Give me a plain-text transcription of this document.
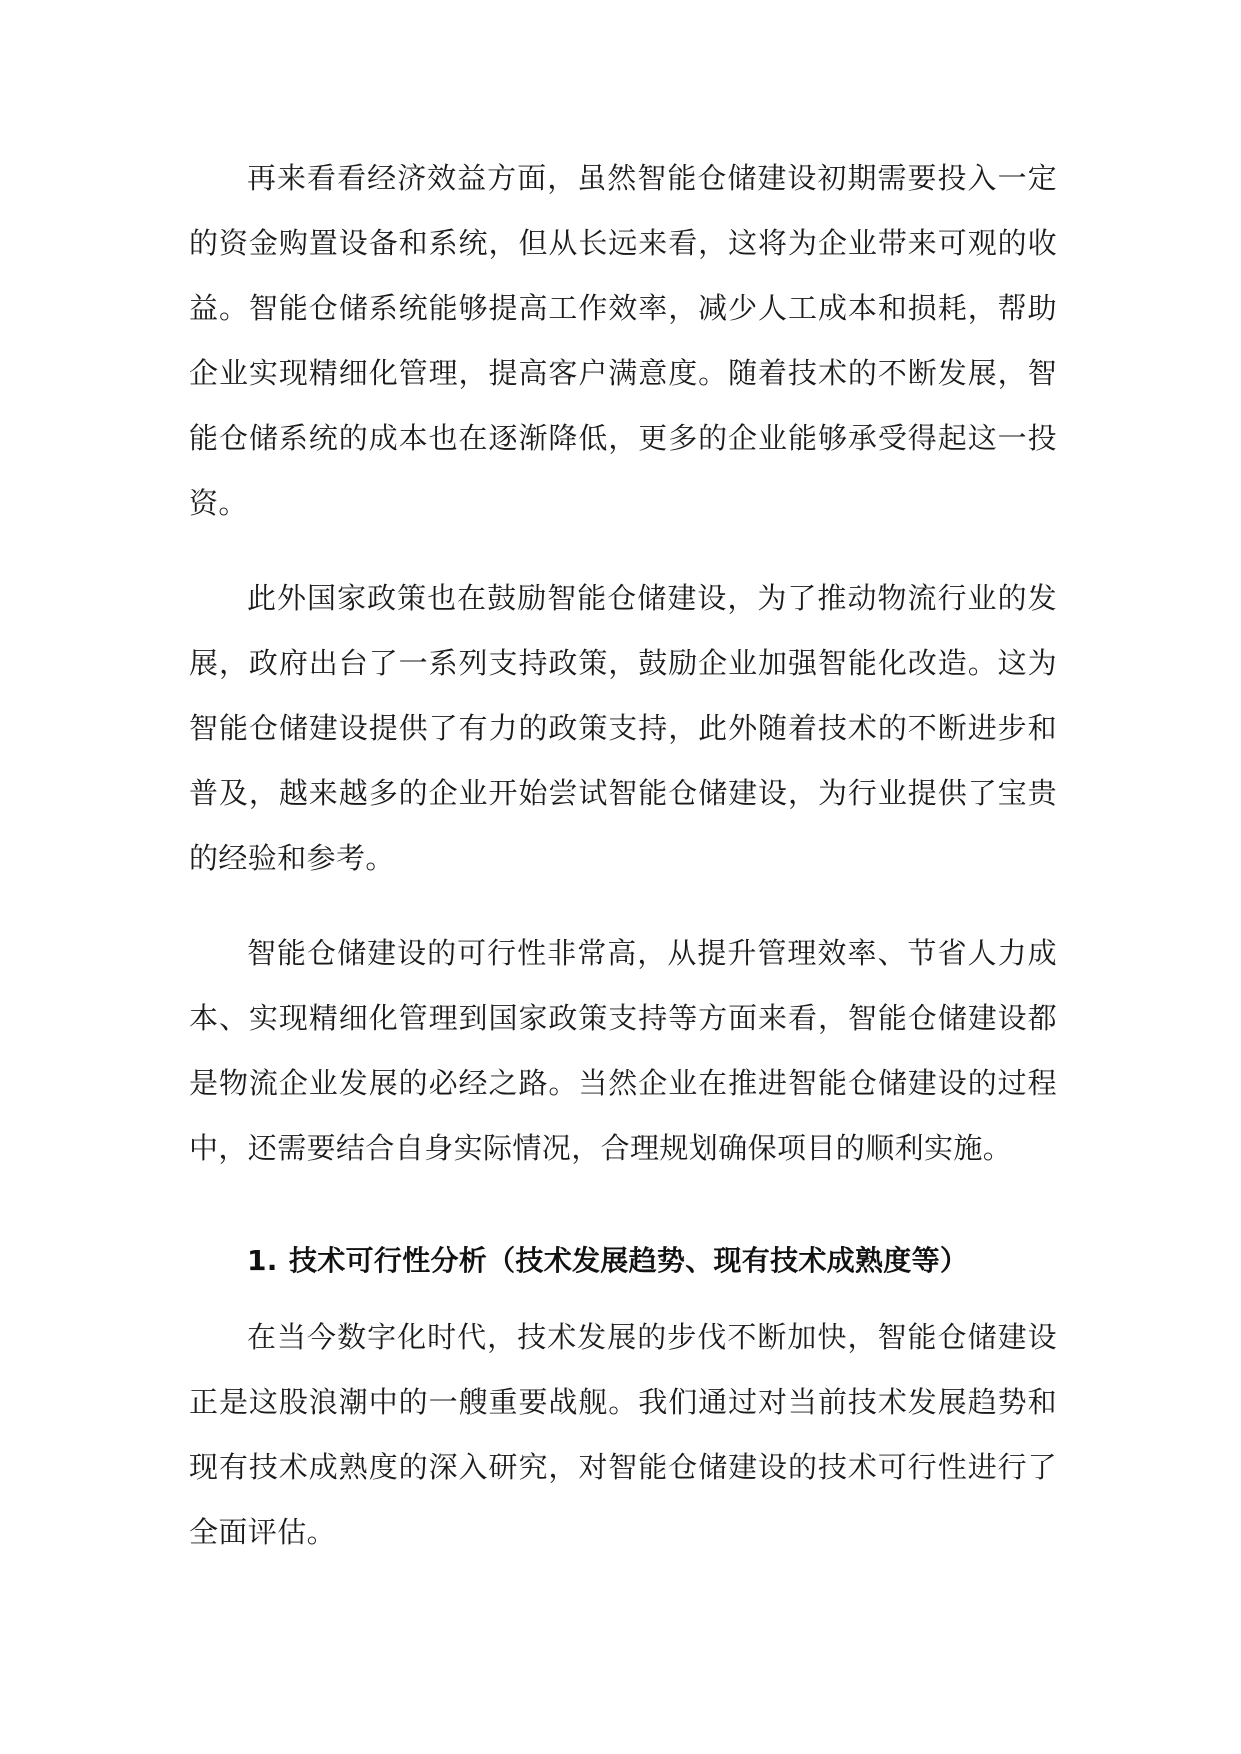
再来看看经济效益方面，虽然智能仓储建设初期需要投入一定的资金购置设备和系统，但从长远来看，这将为企业带来可观的收益。智能仓储系统能够提高工作效率，减少人工成本和损耗，帮助企业实现精细化管理，提高客户满意度。随着技术的不断发展，智能仓储系统的成本也在逐渐降低，更多的企业能够承受得起这一投资。

此外国家政策也在鼓励智能仓储建设，为了推动物流行业的发展，政府出台了一系列支持政策，鼓励企业加强智能化改造。这为智能仓储建设提供了有力的政策支持，此外随着技术的不断进步和普及，越来越多的企业开始尝试智能仓储建设，为行业提供了宝贵的经验和参考。

智能仓储建设的可行性非常高，从提升管理效率、节省人力成本、实现精细化管理到国家政策支持等方面来看，智能仓储建设都是物流企业发展的必经之路。当然企业在推进智能仓储建设的过程中，还需要结合自身实际情况，合理规划确保项目的顺利实施。

1. 技术可行性分析（技术发展趋势、现有技术成熟度等）

在当今数字化时代，技术发展的步伐不断加快，智能仓储建设正是这股浪潮中的一艘重要战舰。我们通过对当前技术发展趋势和现有技术成熟度的深入研究，对智能仓储建设的技术可行性进行了全面评估。
